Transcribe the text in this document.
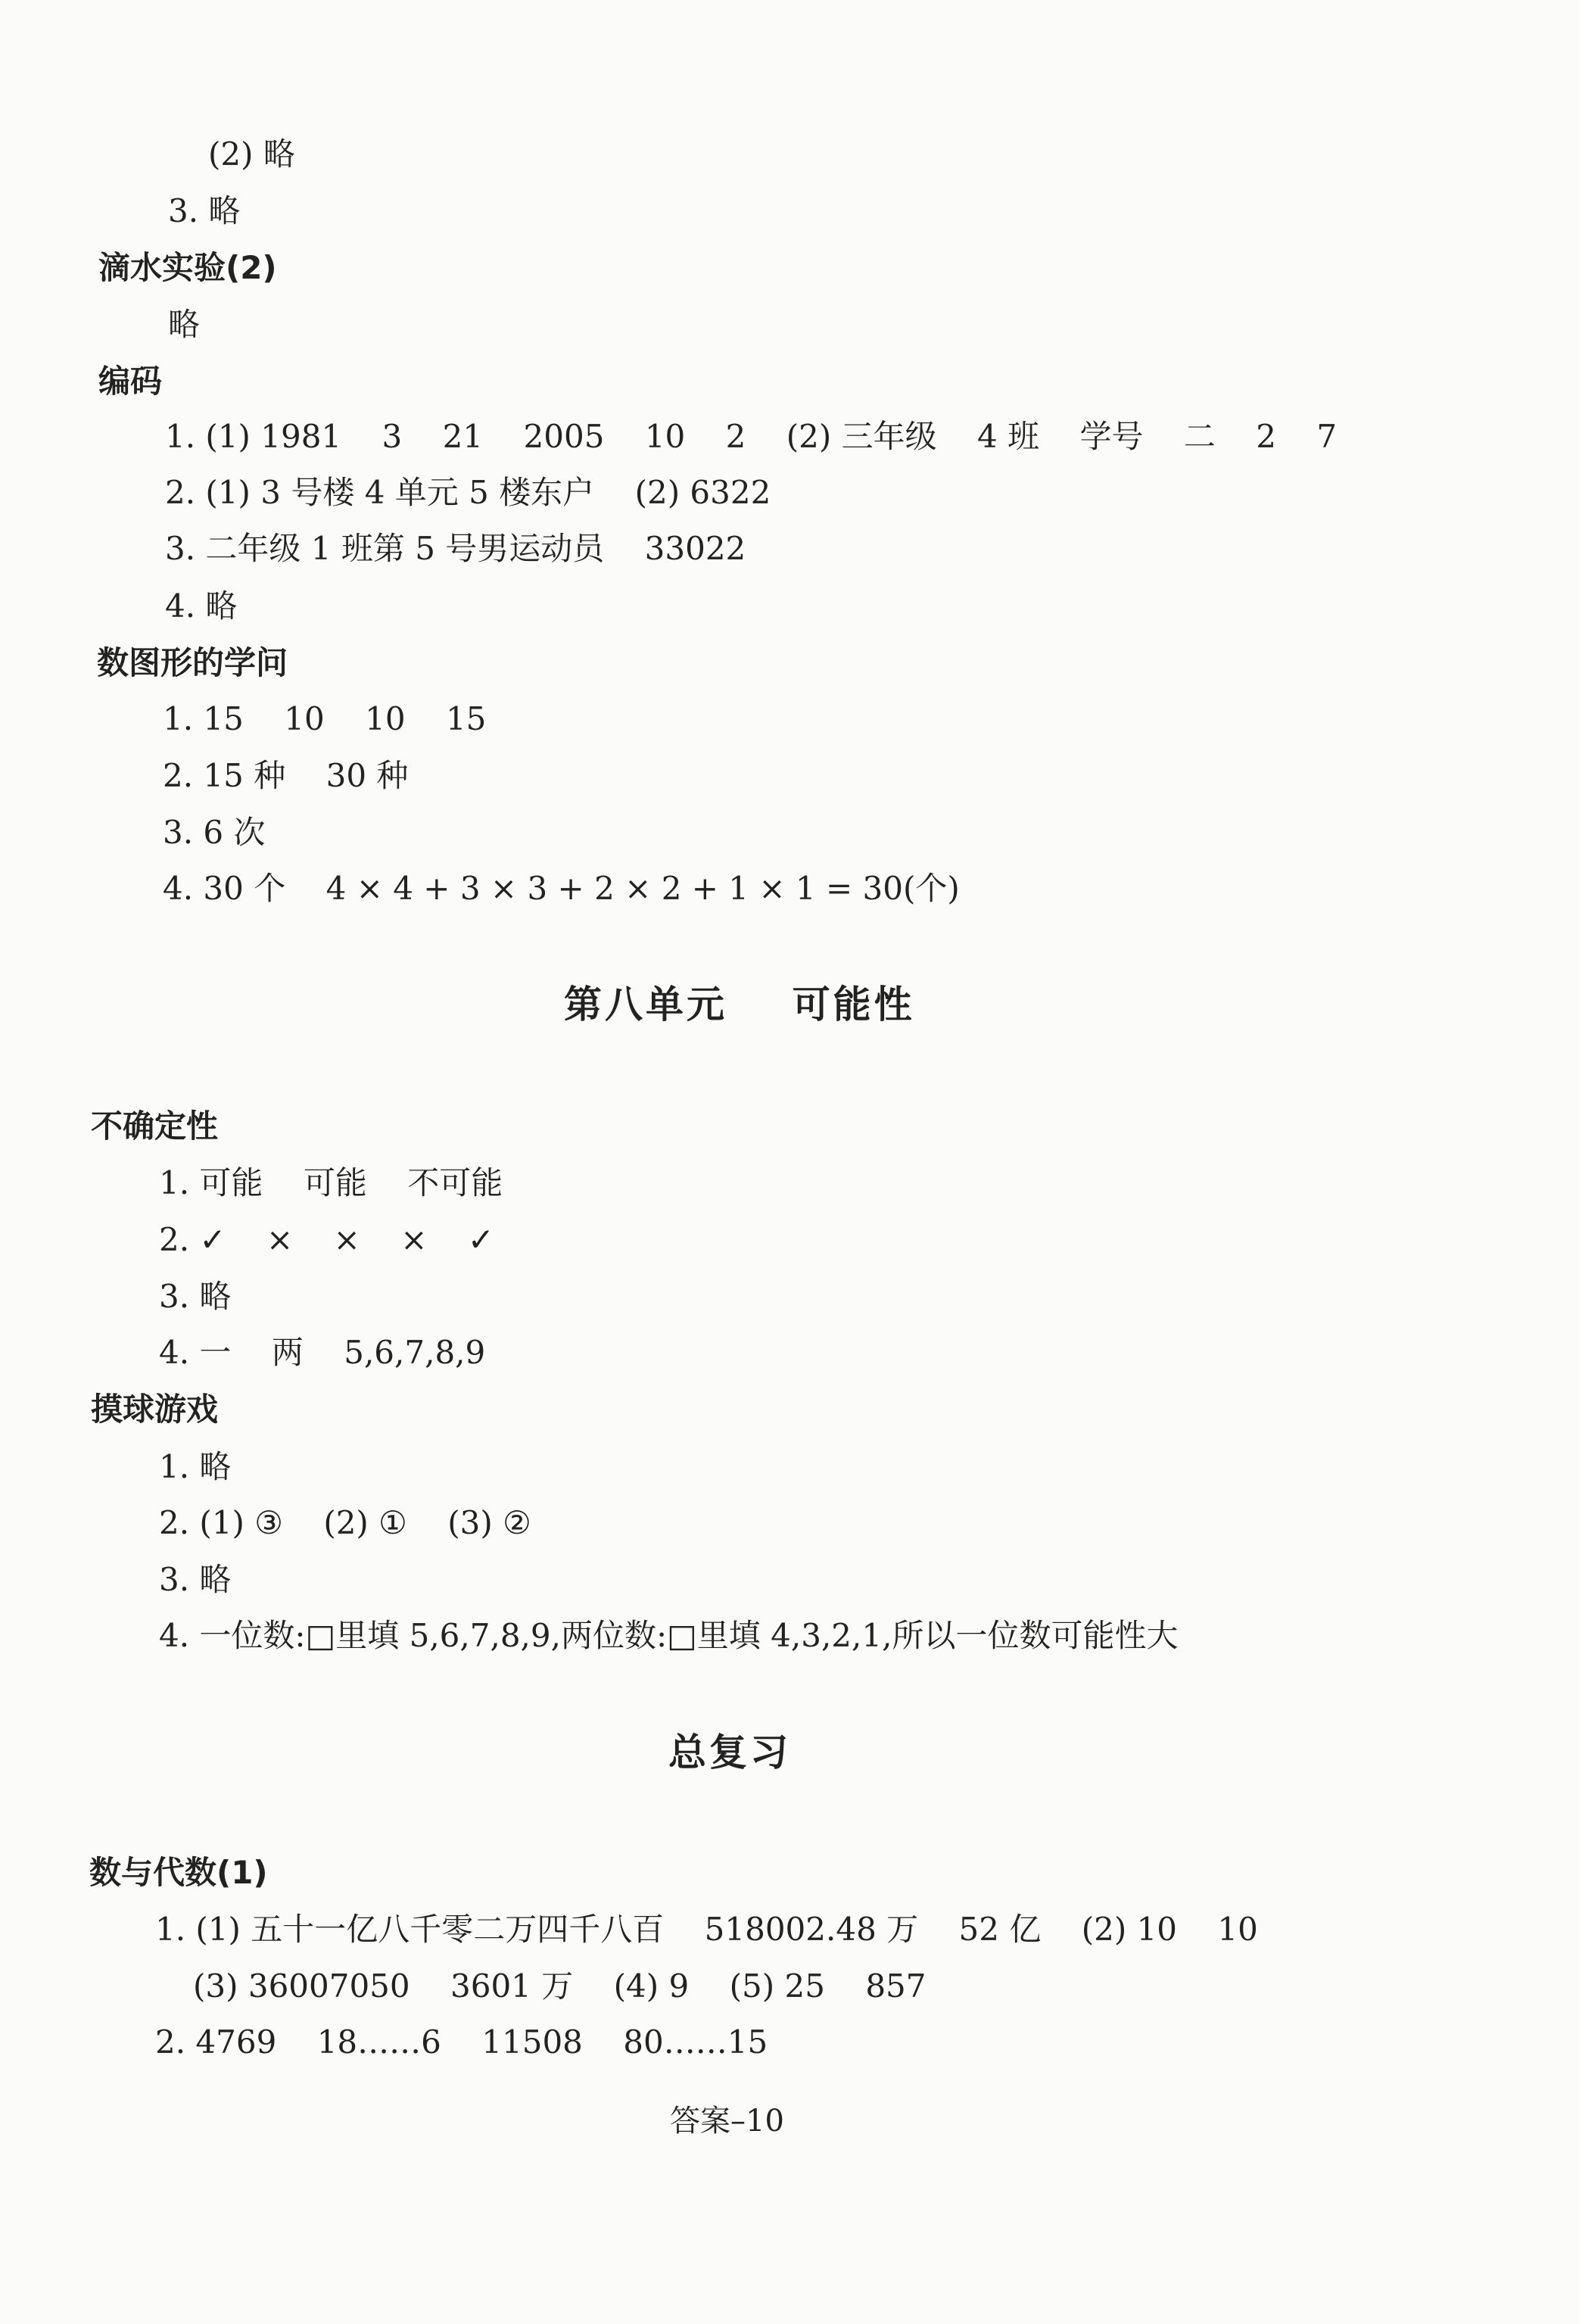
(2) 略
3. 略
滴水实验(2)
略
编码
1. (1) 1981    3    21    2005    10    2    (2) 三年级    4 班    学号    二    2    7
2. (1) 3 号楼 4 单元 5 楼东户    (2) 6322
3. 二年级 1 班第 5 号男运动员    33022
4. 略
数图形的学问
1. 15    10    10    15
2. 15 种    30 种
3. 6 次
4. 30 个    4 × 4 + 3 × 3 + 2 × 2 + 1 × 1 = 30(个)
第八单元    可能性
不确定性
1. 可能    可能    不可能
2. ✓    ×    ×    ×    ✓
3. 略
4. 一    两    5,6,7,8,9
摸球游戏
1. 略
2. (1) ③    (2) ①    (3) ②
3. 略
4. 一位数:□里填 5,6,7,8,9,两位数:□里填 4,3,2,1,所以一位数可能性大
总复习
数与代数(1)
1. (1) 五十一亿八千零二万四千八百    518002.48 万    52 亿    (2) 10    10
(3) 36007050    3601 万    (4) 9    (5) 25    857
2. 4769    18……6    11508    80……15
答案–10
